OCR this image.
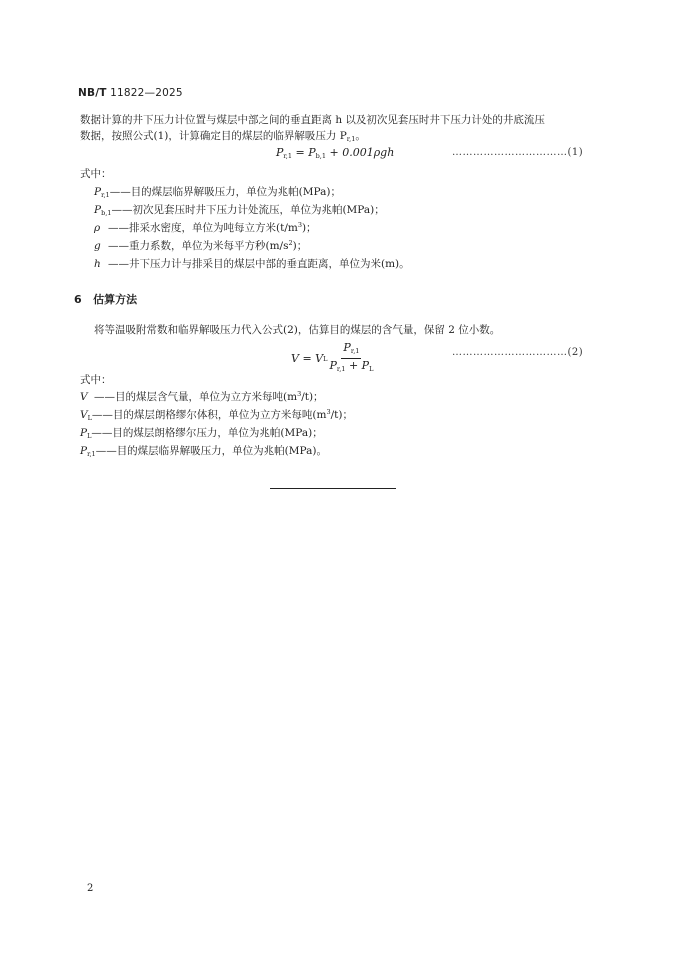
NB/T 11822—2025
数据计算的井下压力计位置与煤层中部之间的垂直距离 h 以及初次见套压时井下压力计处的井底流压
数据，按照公式(1)，计算确定目的煤层的临界解吸压力 $P_{r,1}$。
$P_{r,1} = P_{b,1} + 0.001\rho gh$	……………………………(1)
式中：
$P_{r,1}——$目的煤层临界解吸压力，单位为兆帕(MPa)；
$P_{b,1}——$初次见套压时井下压力计处流压，单位为兆帕(MPa)；
ρ ——排采水密度，单位为吨每立方米$(t/m^3)$；
g ——重力系数，单位为米每平方秒$(m/s^2)$；
h ——井下压力计与排采目的煤层中部的垂直距离，单位为米(m)。
6 估算方法
将等温吸附常数和临界解吸压力代入公式(2)，估算目的煤层的含气量，保留 2 位小数。
V = V L $\frac{P_{r,1}}{P_{r,1} + P_L}$	……………………………(2)
式中：
V ——目的煤层含气量，单位为立方米每吨$(m^3/t)$；
$V_L——$目的煤层朗格缪尔体积，单位为立方米每吨$(m^3/t)$；
$P_L——$目的煤层朗格缪尔压力，单位为兆帕(MPa)；
$P_{r,1}——$目的煤层临界解吸压力，单位为兆帕(MPa)。
2
